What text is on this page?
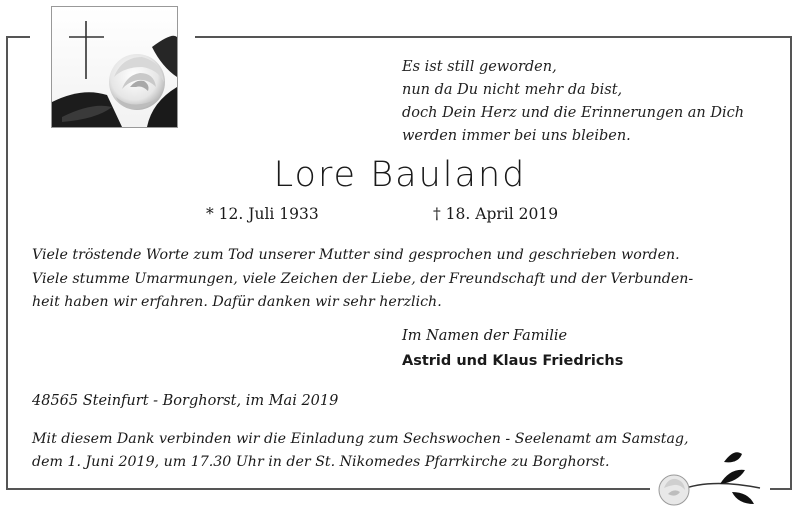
Es ist still geworden,
nun da Du nicht mehr da bist,
doch Dein Herz und die Erinnerungen an Dich
werden immer bei uns bleiben.
Lore Bauland
* 12. Juli 1933	† 18. April 2019
Viele tröstende Worte zum Tod unserer Mutter sind gesprochen und geschrieben worden.
Viele stumme Umarmungen, viele Zeichen der Liebe, der Freundschaft und der Verbunden-
heit haben wir erfahren. Dafür danken wir sehr herzlich.
Im Namen der Familie
Astrid und Klaus Friedrichs
48565 Steinfurt - Borghorst, im Mai 2019
Mit diesem Dank verbinden wir die Einladung zum Sechswochen - Seelenamt am Samstag,
dem 1. Juni 2019, um 17.30 Uhr in der St. Nikomedes Pfarrkirche zu Borghorst.
